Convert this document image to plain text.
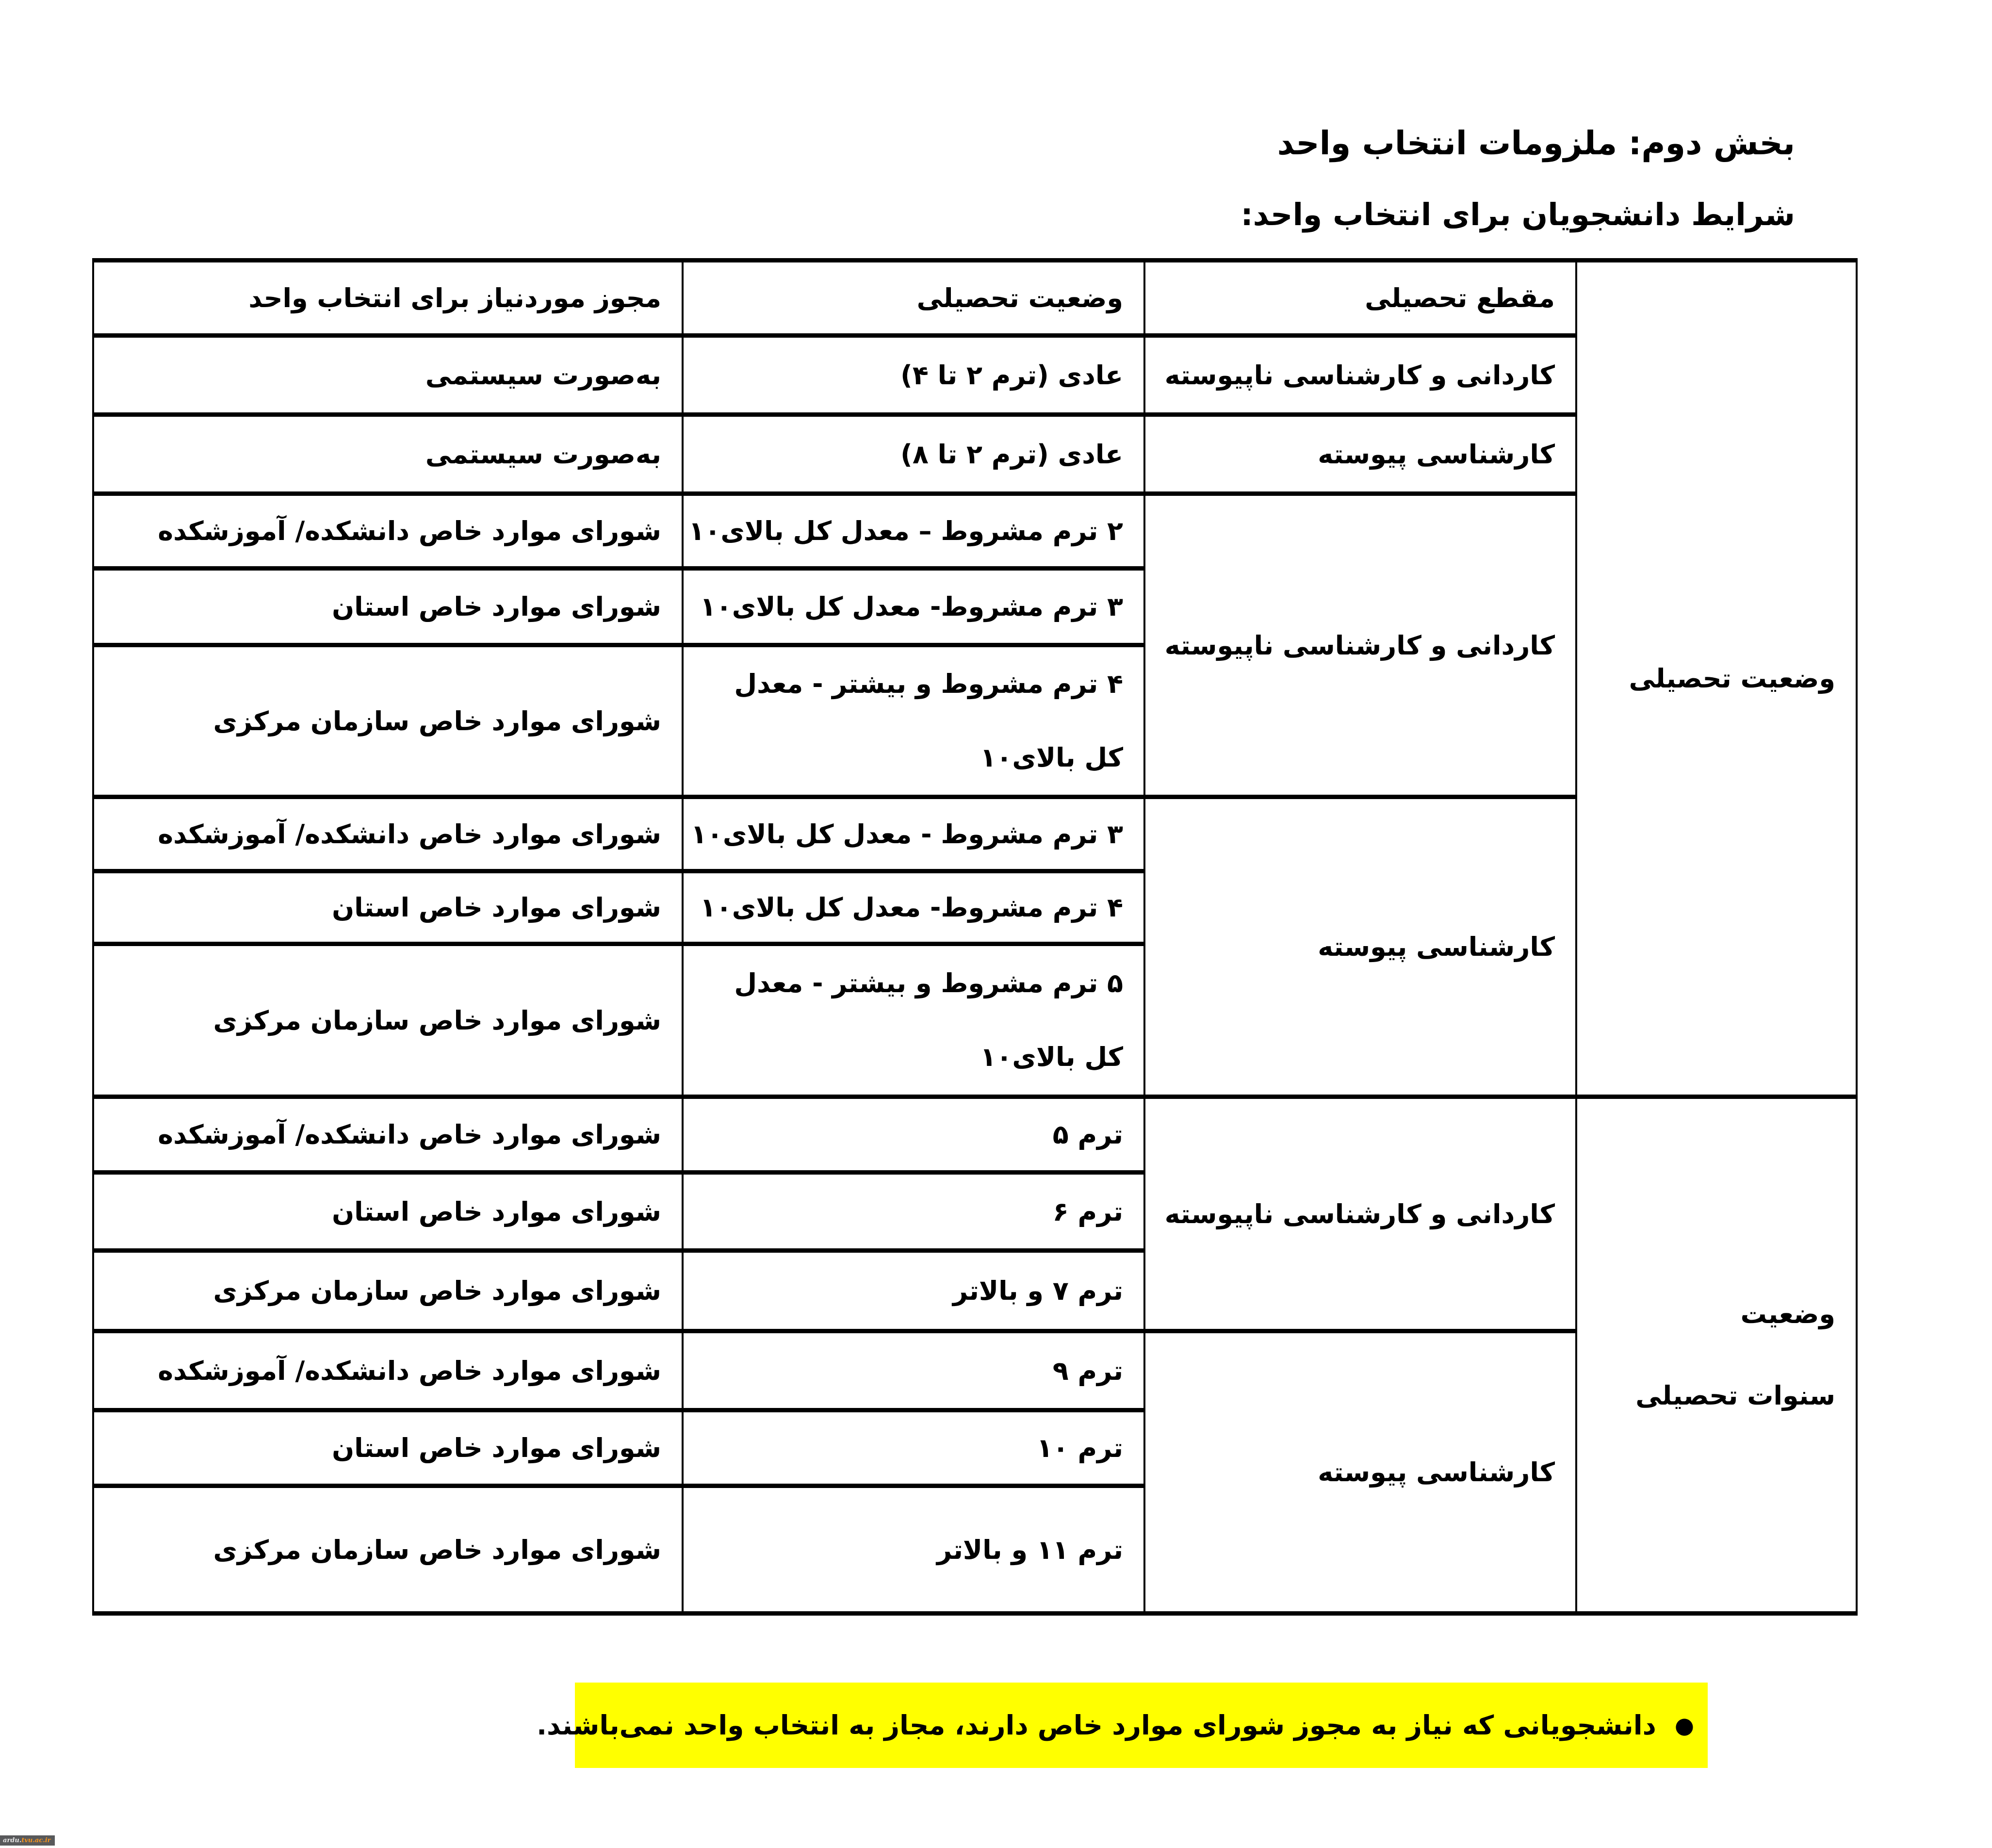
بخش دوم: ملزومات انتخاب واحد
شرایط دانشجویان برای انتخاب واحد:
وضعیت تحصیلی	مقطع تحصیلی	وضعیت تحصیلی	مجوز موردنیاز برای انتخاب واحد
	کاردانی و کارشناسی ناپیوسته	عادی (ترم ۲ تا ۴)	به‌صورت سیستمی
	کارشناسی پیوسته	عادی (ترم ۲ تا ۸)	به‌صورت سیستمی
	کاردانی و کارشناسی ناپیوسته	۲ ترم مشروط – معدل کل بالای۱۰	شورای موارد خاص دانشکده/ آموزشکده
		۳ ترم مشروط- معدل کل بالای۱۰	شورای موارد خاص استان

		۴ ترم مشروط و بیشتر - معدل
کل بالای۱۰	شورای موارد خاص سازمان مرکزی
	کارشناسی پیوسته	۳ ترم مشروط - معدل کل بالای۱۰	شورای موارد خاص دانشکده/ آموزشکده
		۴ ترم مشروط- معدل کل بالای۱۰	شورای موارد خاص استان

		۵ ترم مشروط و بیشتر - معدل
کل بالای۱۰	شورای موارد خاص سازمان مرکزی

وضعیت
سنوات تحصیلی	کاردانی و کارشناسی ناپیوسته	ترم ۵	شورای موارد خاص دانشکده/ آموزشکده
		ترم ۶	شورای موارد خاص استان
		ترم ۷ و بالاتر	شورای موارد خاص سازمان مرکزی
	کارشناسی پیوسته	ترم ۹	شورای موارد خاص دانشکده/ آموزشکده
		ترم ۱۰	شورای موارد خاص استان
		ترم ۱۱ و بالاتر	شورای موارد خاص سازمان مرکزی
●
دانشجویانی که نیاز به مجوز شورای موارد خاص دارند، مجاز به انتخاب واحد نمی‌باشند.
ardu. tvu.ac.ir
